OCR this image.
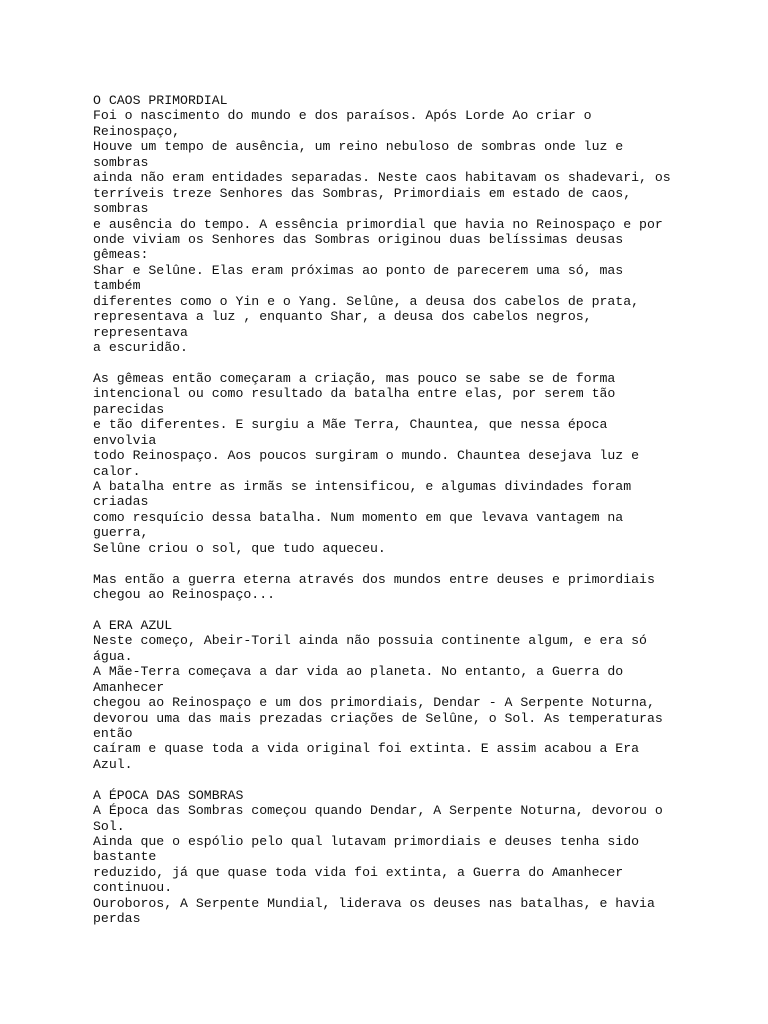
O CAOS PRIMORDIAL
Foi o nascimento do mundo e dos paraísos. Após Lorde Ao criar o
Reinospaço,
Houve um tempo de ausência, um reino nebuloso de sombras onde luz e
sombras
ainda não eram entidades separadas. Neste caos habitavam os shadevari, os
terríveis treze Senhores das Sombras, Primordiais em estado de caos,
sombras
e ausência do tempo. A essência primordial que havia no Reinospaço e por
onde viviam os Senhores das Sombras originou duas belíssimas deusas
gêmeas:
Shar e Selûne. Elas eram próximas ao ponto de parecerem uma só, mas
também
diferentes como o Yin e o Yang. Selûne, a deusa dos cabelos de prata,
representava a luz , enquanto Shar, a deusa dos cabelos negros,
representava
a escuridão.
As gêmeas então começaram a criação, mas pouco se sabe se de forma
intencional ou como resultado da batalha entre elas, por serem tão
parecidas
e tão diferentes. E surgiu a Mãe Terra, Chauntea, que nessa época
envolvia
todo Reinospaço. Aos poucos surgiram o mundo. Chauntea desejava luz e
calor.
A batalha entre as irmãs se intensificou, e algumas divindades foram
criadas
como resquício dessa batalha. Num momento em que levava vantagem na
guerra,
Selûne criou o sol, que tudo aqueceu.
Mas então a guerra eterna através dos mundos entre deuses e primordiais
chegou ao Reinospaço...
A ERA AZUL
Neste começo, Abeir-Toril ainda não possuia continente algum, e era só
água.
A Mãe-Terra começava a dar vida ao planeta. No entanto, a Guerra do
Amanhecer
chegou ao Reinospaço e um dos primordiais, Dendar - A Serpente Noturna,
devorou uma das mais prezadas criações de Selûne, o Sol. As temperaturas
então
caíram e quase toda a vida original foi extinta. E assim acabou a Era
Azul.
A ÉPOCA DAS SOMBRAS
A Época das Sombras começou quando Dendar, A Serpente Noturna, devorou o
Sol.
Ainda que o espólio pelo qual lutavam primordiais e deuses tenha sido
bastante
reduzido, já que quase toda vida foi extinta, a Guerra do Amanhecer
continuou.
Ouroboros, A Serpente Mundial, liderava os deuses nas batalhas, e havia
perdas
